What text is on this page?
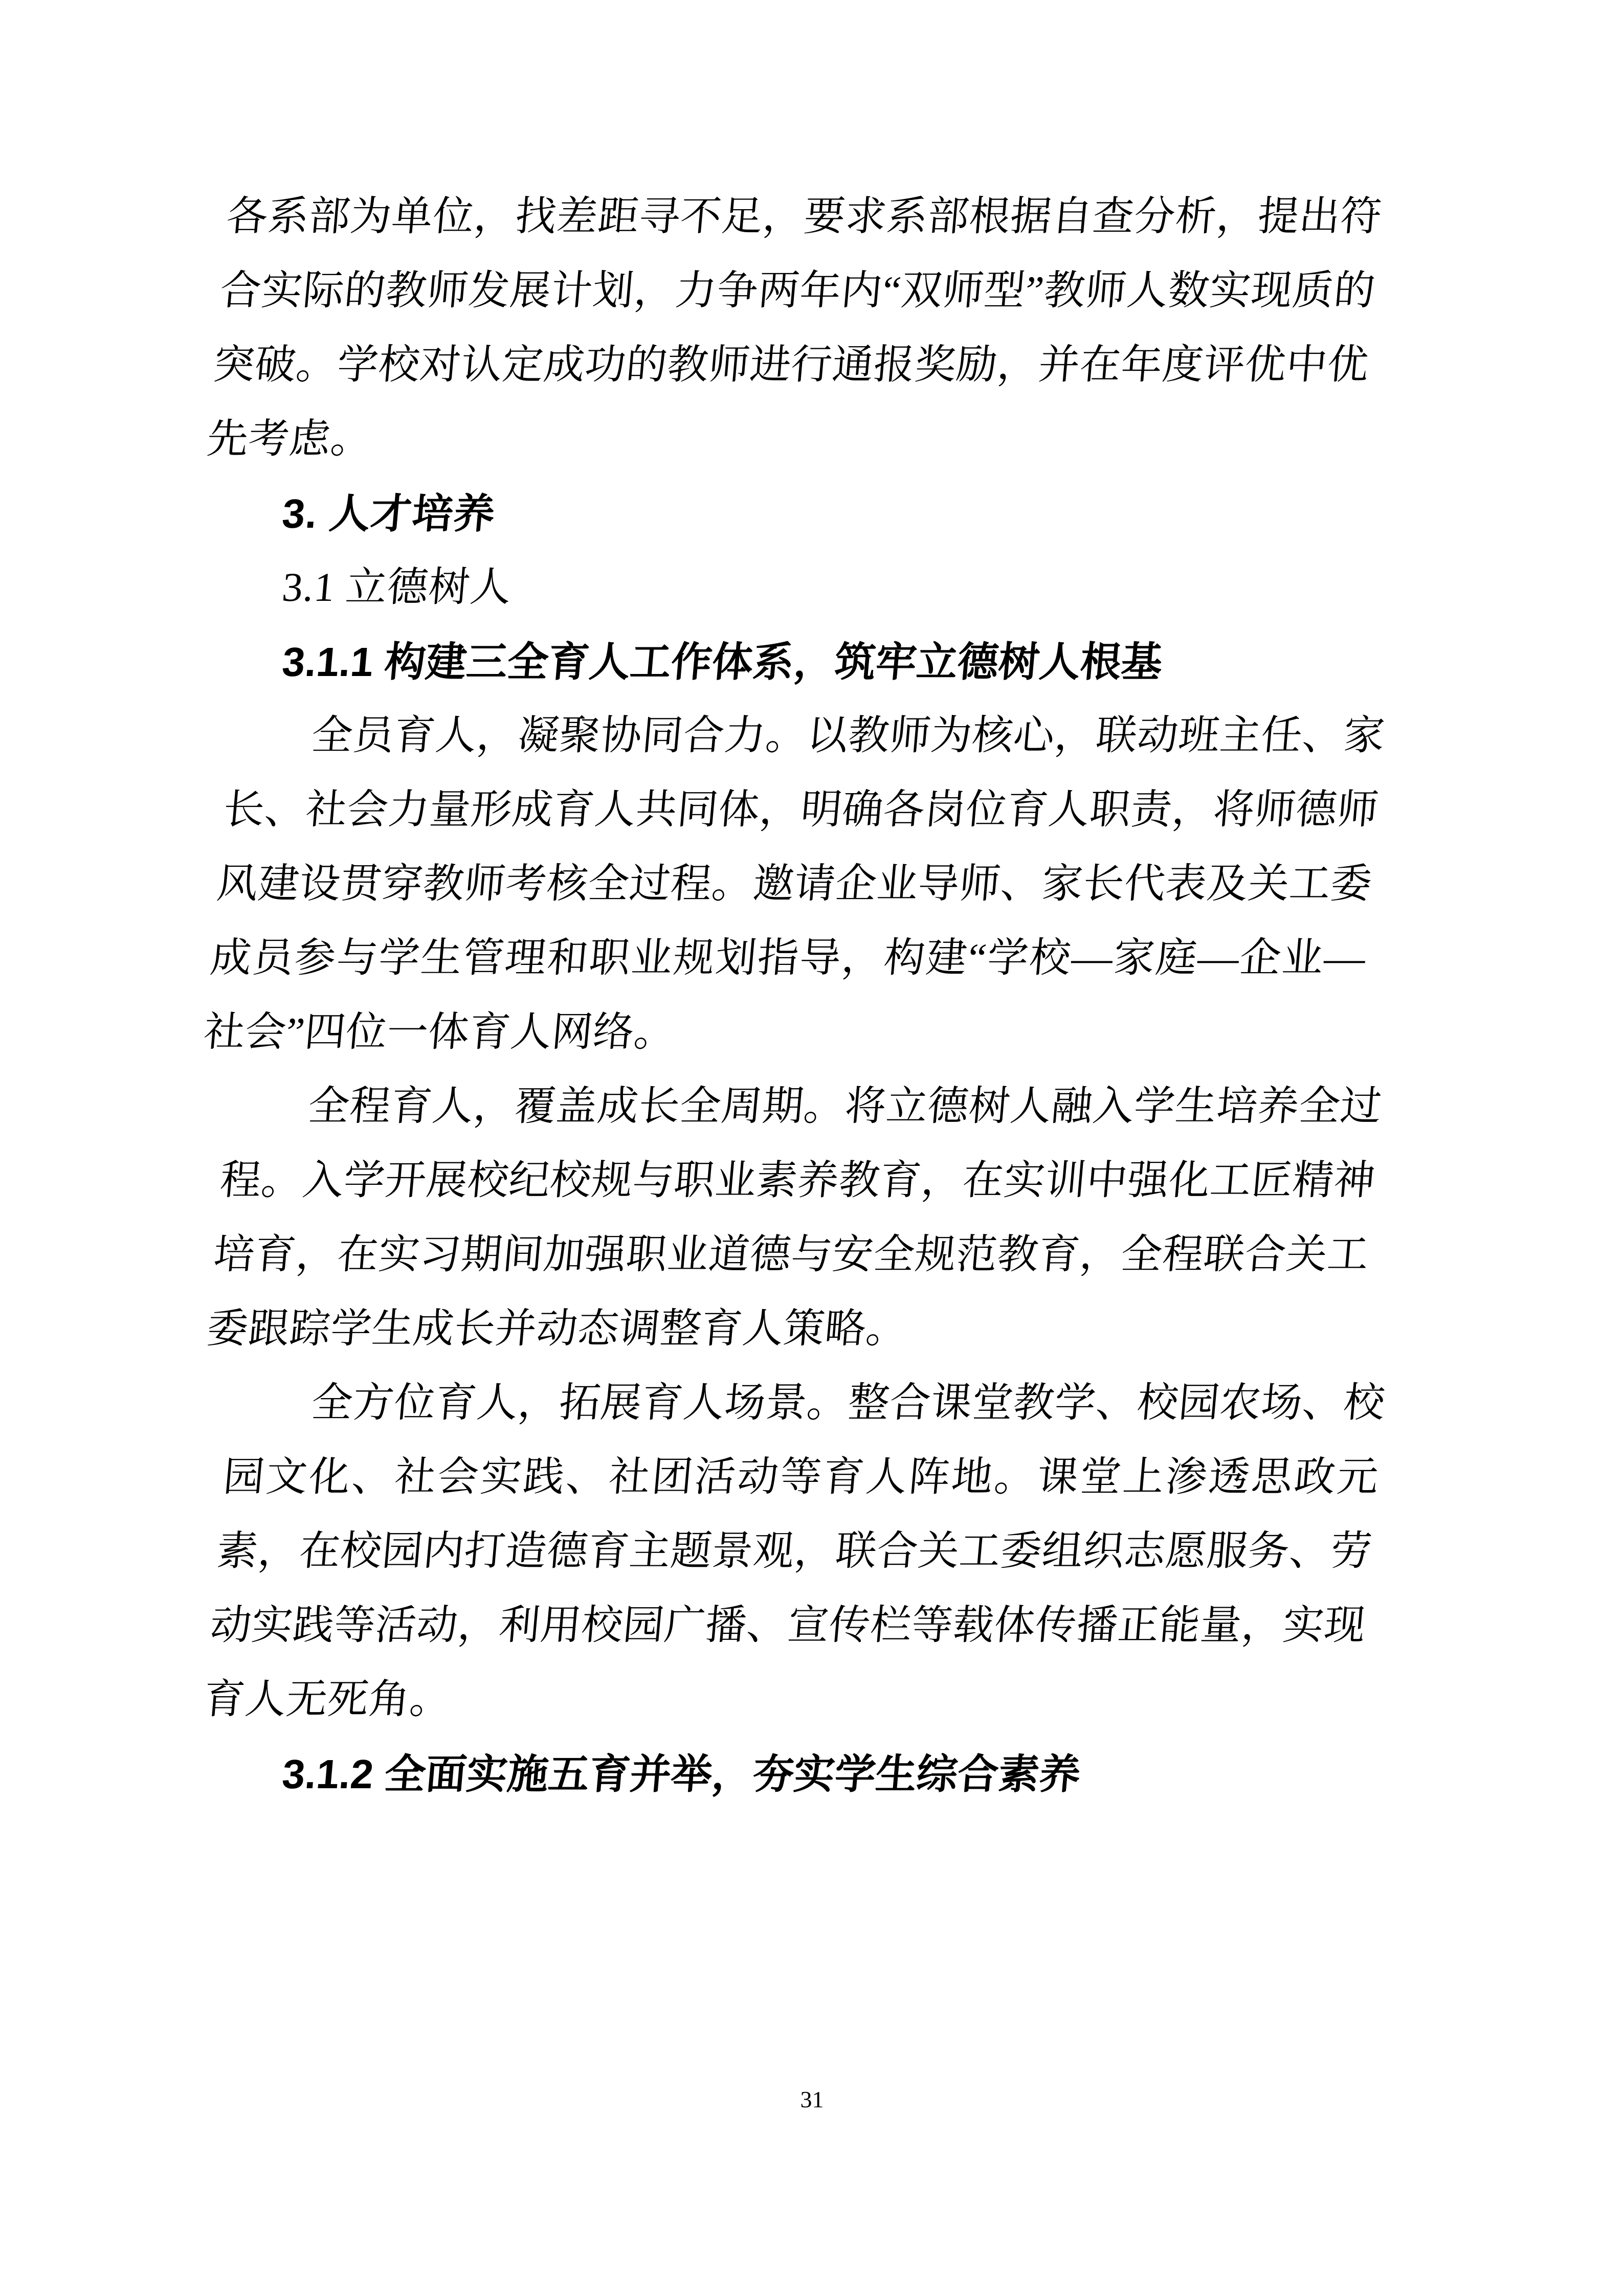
各系部为单位，找差距寻不足，要求系部根据自查分析，提出符合实际的教师发展计划，力争两年内“双师型”教师人数实现质的突破。学校对认定成功的教师进行通报奖励，并在年度评优中优先考虑。

3. 人才培养
3.1 立德树人
3.1.1 构建三全育人工作体系，筑牢立德树人根基

全员育人，凝聚协同合力。以教师为核心，联动班主任、家长、社会力量形成育人共同体，明确各岗位育人职责，将师德师风建设贯穿教师考核全过程。邀请企业导师、家长代表及关工委成员参与学生管理和职业规划指导，构建“学校—家庭—企业—社会”四位一体育人网络。

全程育人，覆盖成长全周期。将立德树人融入学生培养全过程。入学开展校纪校规与职业素养教育，在实训中强化工匠精神培育，在实习期间加强职业道德与安全规范教育，全程联合关工委跟踪学生成长并动态调整育人策略。

全方位育人，拓展育人场景。整合课堂教学、校园农场、校园文化、社会实践、社团活动等育人阵地。课堂上渗透思政元素，在校园内打造德育主题景观，联合关工委组织志愿服务、劳动实践等活动，利用校园广播、宣传栏等载体传播正能量，实现育人无死角。

3.1.2 全面实施五育并举，夯实学生综合素养
31
